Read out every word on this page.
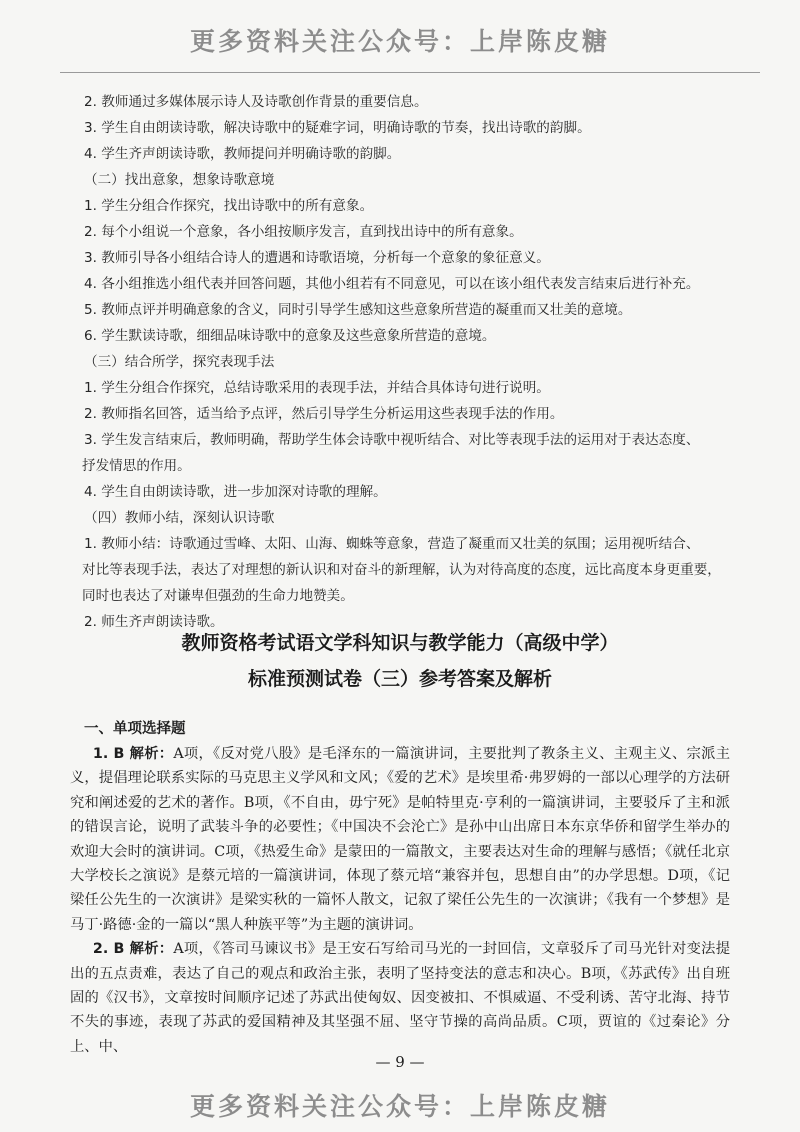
更多资料关注公众号：上岸陈皮糖
2. 教师通过多媒体展示诗人及诗歌创作背景的重要信息。
3. 学生自由朗读诗歌，解决诗歌中的疑难字词，明确诗歌的节奏，找出诗歌的韵脚。
4. 学生齐声朗读诗歌，教师提问并明确诗歌的韵脚。
（二）找出意象，想象诗歌意境
1. 学生分组合作探究，找出诗歌中的所有意象。
2. 每个小组说一个意象，各小组按顺序发言，直到找出诗中的所有意象。
3. 教师引导各小组结合诗人的遭遇和诗歌语境，分析每一个意象的象征意义。
4. 各小组推选小组代表并回答问题，其他小组若有不同意见，可以在该小组代表发言结束后进行补充。
5. 教师点评并明确意象的含义，同时引导学生感知这些意象所营造的凝重而又壮美的意境。
6. 学生默读诗歌，细细品味诗歌中的意象及这些意象所营造的意境。
（三）结合所学，探究表现手法
1. 学生分组合作探究，总结诗歌采用的表现手法，并结合具体诗句进行说明。
2. 教师指名回答，适当给予点评，然后引导学生分析运用这些表现手法的作用。
3. 学生发言结束后，教师明确，帮助学生体会诗歌中视听结合、对比等表现手法的运用对于表达态度、
抒发情思的作用。
4. 学生自由朗读诗歌，进一步加深对诗歌的理解。
（四）教师小结，深刻认识诗歌
1. 教师小结：诗歌通过雪峰、太阳、山海、蜘蛛等意象，营造了凝重而又壮美的氛围；运用视听结合、
对比等表现手法，表达了对理想的新认识和对奋斗的新理解，认为对待高度的态度，远比高度本身更重要，
同时也表达了对谦卑但强劲的生命力地赞美。
2. 师生齐声朗读诗歌。
教师资格考试语文学科知识与教学能力（高级中学）
标准预测试卷（三）参考答案及解析
一、单项选择题

1. B 解析：A项，《反对党八股》是毛泽东的一篇演讲词，主要批判了教条主义、主观主义、宗派主义，提倡理论联系实际的马克思主义学风和文风；《爱的艺术》是埃里希·弗罗姆的一部以心理学的方法研究和阐述爱的艺术的著作。B项，《不自由，毋宁死》是帕特里克·亨利的一篇演讲词，主要驳斥了主和派的错误言论，说明了武装斗争的必要性；《中国决不会沦亡》是孙中山出席日本东京华侨和留学生举办的欢迎大会时的演讲词。C项，《热爱生命》是蒙田的一篇散文，主要表达对生命的理解与感悟；《就任北京大学校长之演说》是蔡元培的一篇演讲词，体现了蔡元培“兼容并包，思想自由”的办学思想。D项，《记梁任公先生的一次演讲》是梁实秋的一篇怀人散文，记叙了梁任公先生的一次演讲；《我有一个梦想》是马丁·路德·金的一篇以“黑人种族平等”为主题的演讲词。

2. B 解析：A项，《答司马谏议书》是王安石写给司马光的一封回信，文章驳斥了司马光针对变法提出的五点责难，表达了自己的观点和政治主张，表明了坚持变法的意志和决心。B项，《苏武传》出自班固的《汉书》，文章按时间顺序记述了苏武出使匈奴、因变被扣、不惧威逼、不受利诱、苦守北海、持节不失的事迹，表现了苏武的爱国精神及其坚强不屈、坚守节操的高尚品质。C项，贾谊的《过秦论》分上、中、

— 9 —
更多资料关注公众号：上岸陈皮糖
